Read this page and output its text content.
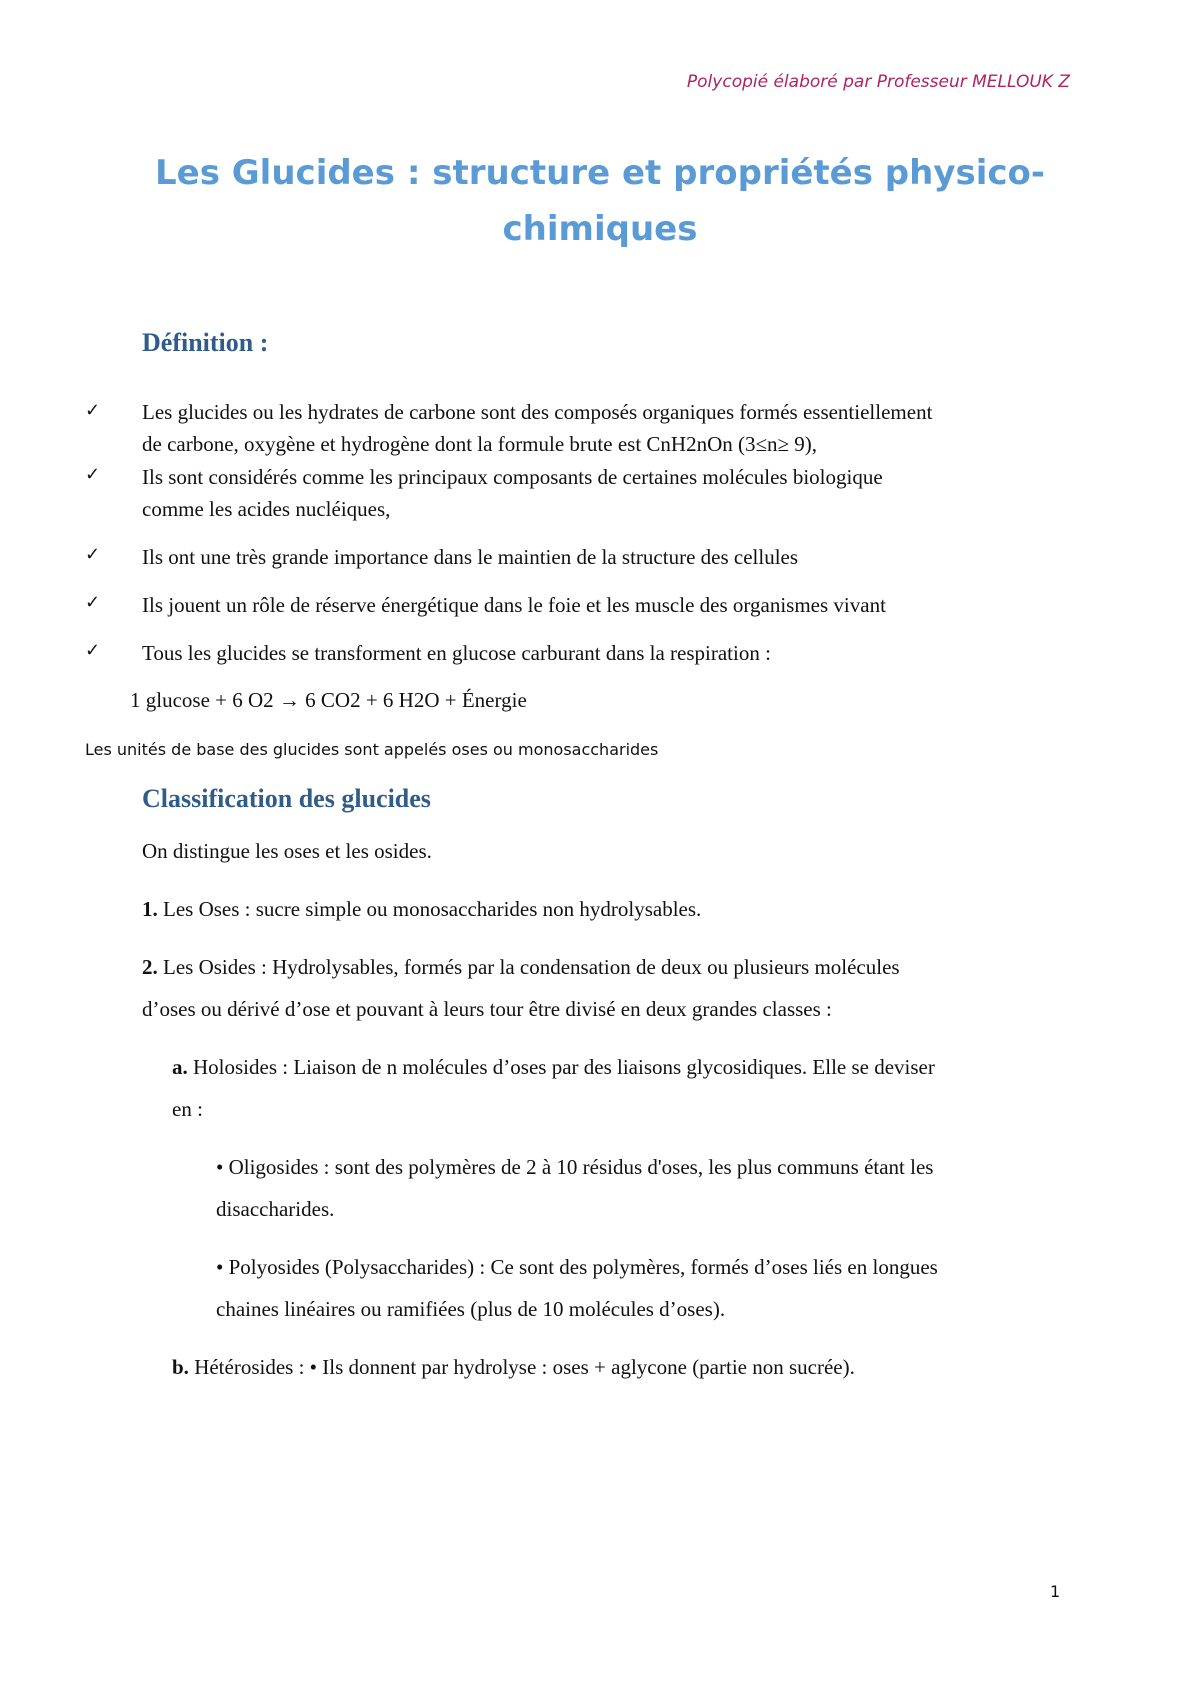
Polycopié élaboré par Professeur MELLOUK Z
Les Glucides : structure et propriétés physico-
chimiques
Définition :
✓ Les glucides ou les hydrates de carbone sont des composés organiques formés essentiellement
de carbone, oxygène et hydrogène dont la formule brute est CnH2nOn (3≤n≥ 9),
✓ Ils sont considérés comme les principaux composants de certaines molécules biologique
comme les acides nucléiques,
✓ Ils ont une très grande importance dans le maintien de la structure des cellules
✓ Ils jouent un rôle de réserve énergétique dans le foie et les muscle des organismes vivant
✓ Tous les glucides se transforment en glucose carburant dans la respiration :
1 glucose + 6 O2 → 6 CO2 + 6 H2O + Énergie
Les unités de base des glucides sont appelés oses ou monosaccharides
Classification des glucides
On distingue les oses et les osides.
1. Les Oses : sucre simple ou monosaccharides non hydrolysables.
2. Les Osides : Hydrolysables, formés par la condensation de deux ou plusieurs molécules
d’oses ou dérivé d’ose et pouvant à leurs tour être divisé en deux grandes classes :
a. Holosides : Liaison de n molécules d’oses par des liaisons glycosidiques. Elle se deviser
en :
• Oligosides : sont des polymères de 2 à 10 résidus d'oses, les plus communs étant les
disaccharides.
• Polyosides (Polysaccharides) : Ce sont des polymères, formés d’oses liés en longues
chaines linéaires ou ramifiées (plus de 10 molécules d’oses).
b. Hétérosides : • Ils donnent par hydrolyse : oses + aglycone (partie non sucrée).
1
